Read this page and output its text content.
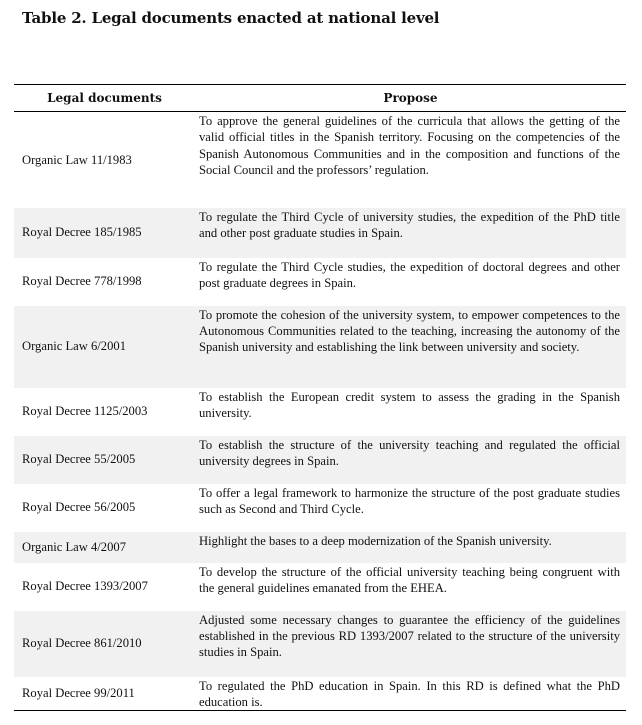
Table 2. Legal documents enacted at national level
Legal documents	Propose
Organic Law 11/1983	To approve the general guidelines of the curricula that allows the getting of the valid official titles in the Spanish territory. Focusing on the competencies of the Spanish Autonomous Communities and in the composition and functions of the Social Council and the professors’ regulation.
Royal Decree 185/1985	To regulate the Third Cycle of university studies, the expedition of the PhD title and other post graduate studies in Spain.
Royal Decree 778/1998	To regulate the Third Cycle studies, the expedition of doctoral degrees and other post graduate degrees in Spain.
Organic Law 6/2001	To promote the cohesion of the university system, to empower competences to the Autonomous Communities related to the teaching, increasing the autonomy of the Spanish university and establishing the link between university and society.
Royal Decree 1125/2003	To establish the European credit system to assess the grading in the Spanish university.
Royal Decree 55/2005	To establish the structure of the university teaching and regulated the official university degrees in Spain.
Royal Decree 56/2005	To offer a legal framework to harmonize the structure of the post graduate studies such as Second and Third Cycle.
Organic Law 4/2007	Highlight the bases to a deep modernization of the Spanish university.
Royal Decree 1393/2007	To develop the structure of the official university teaching being congruent with the general guidelines emanated from the EHEA.
Royal Decree 861/2010	Adjusted some necessary changes to guarantee the efficiency of the guidelines established in the previous RD 1393/2007 related to the structure of the university studies in Spain.
Royal Decree 99/2011	To regulated the PhD education in Spain. In this RD is defined what the PhD education is.
